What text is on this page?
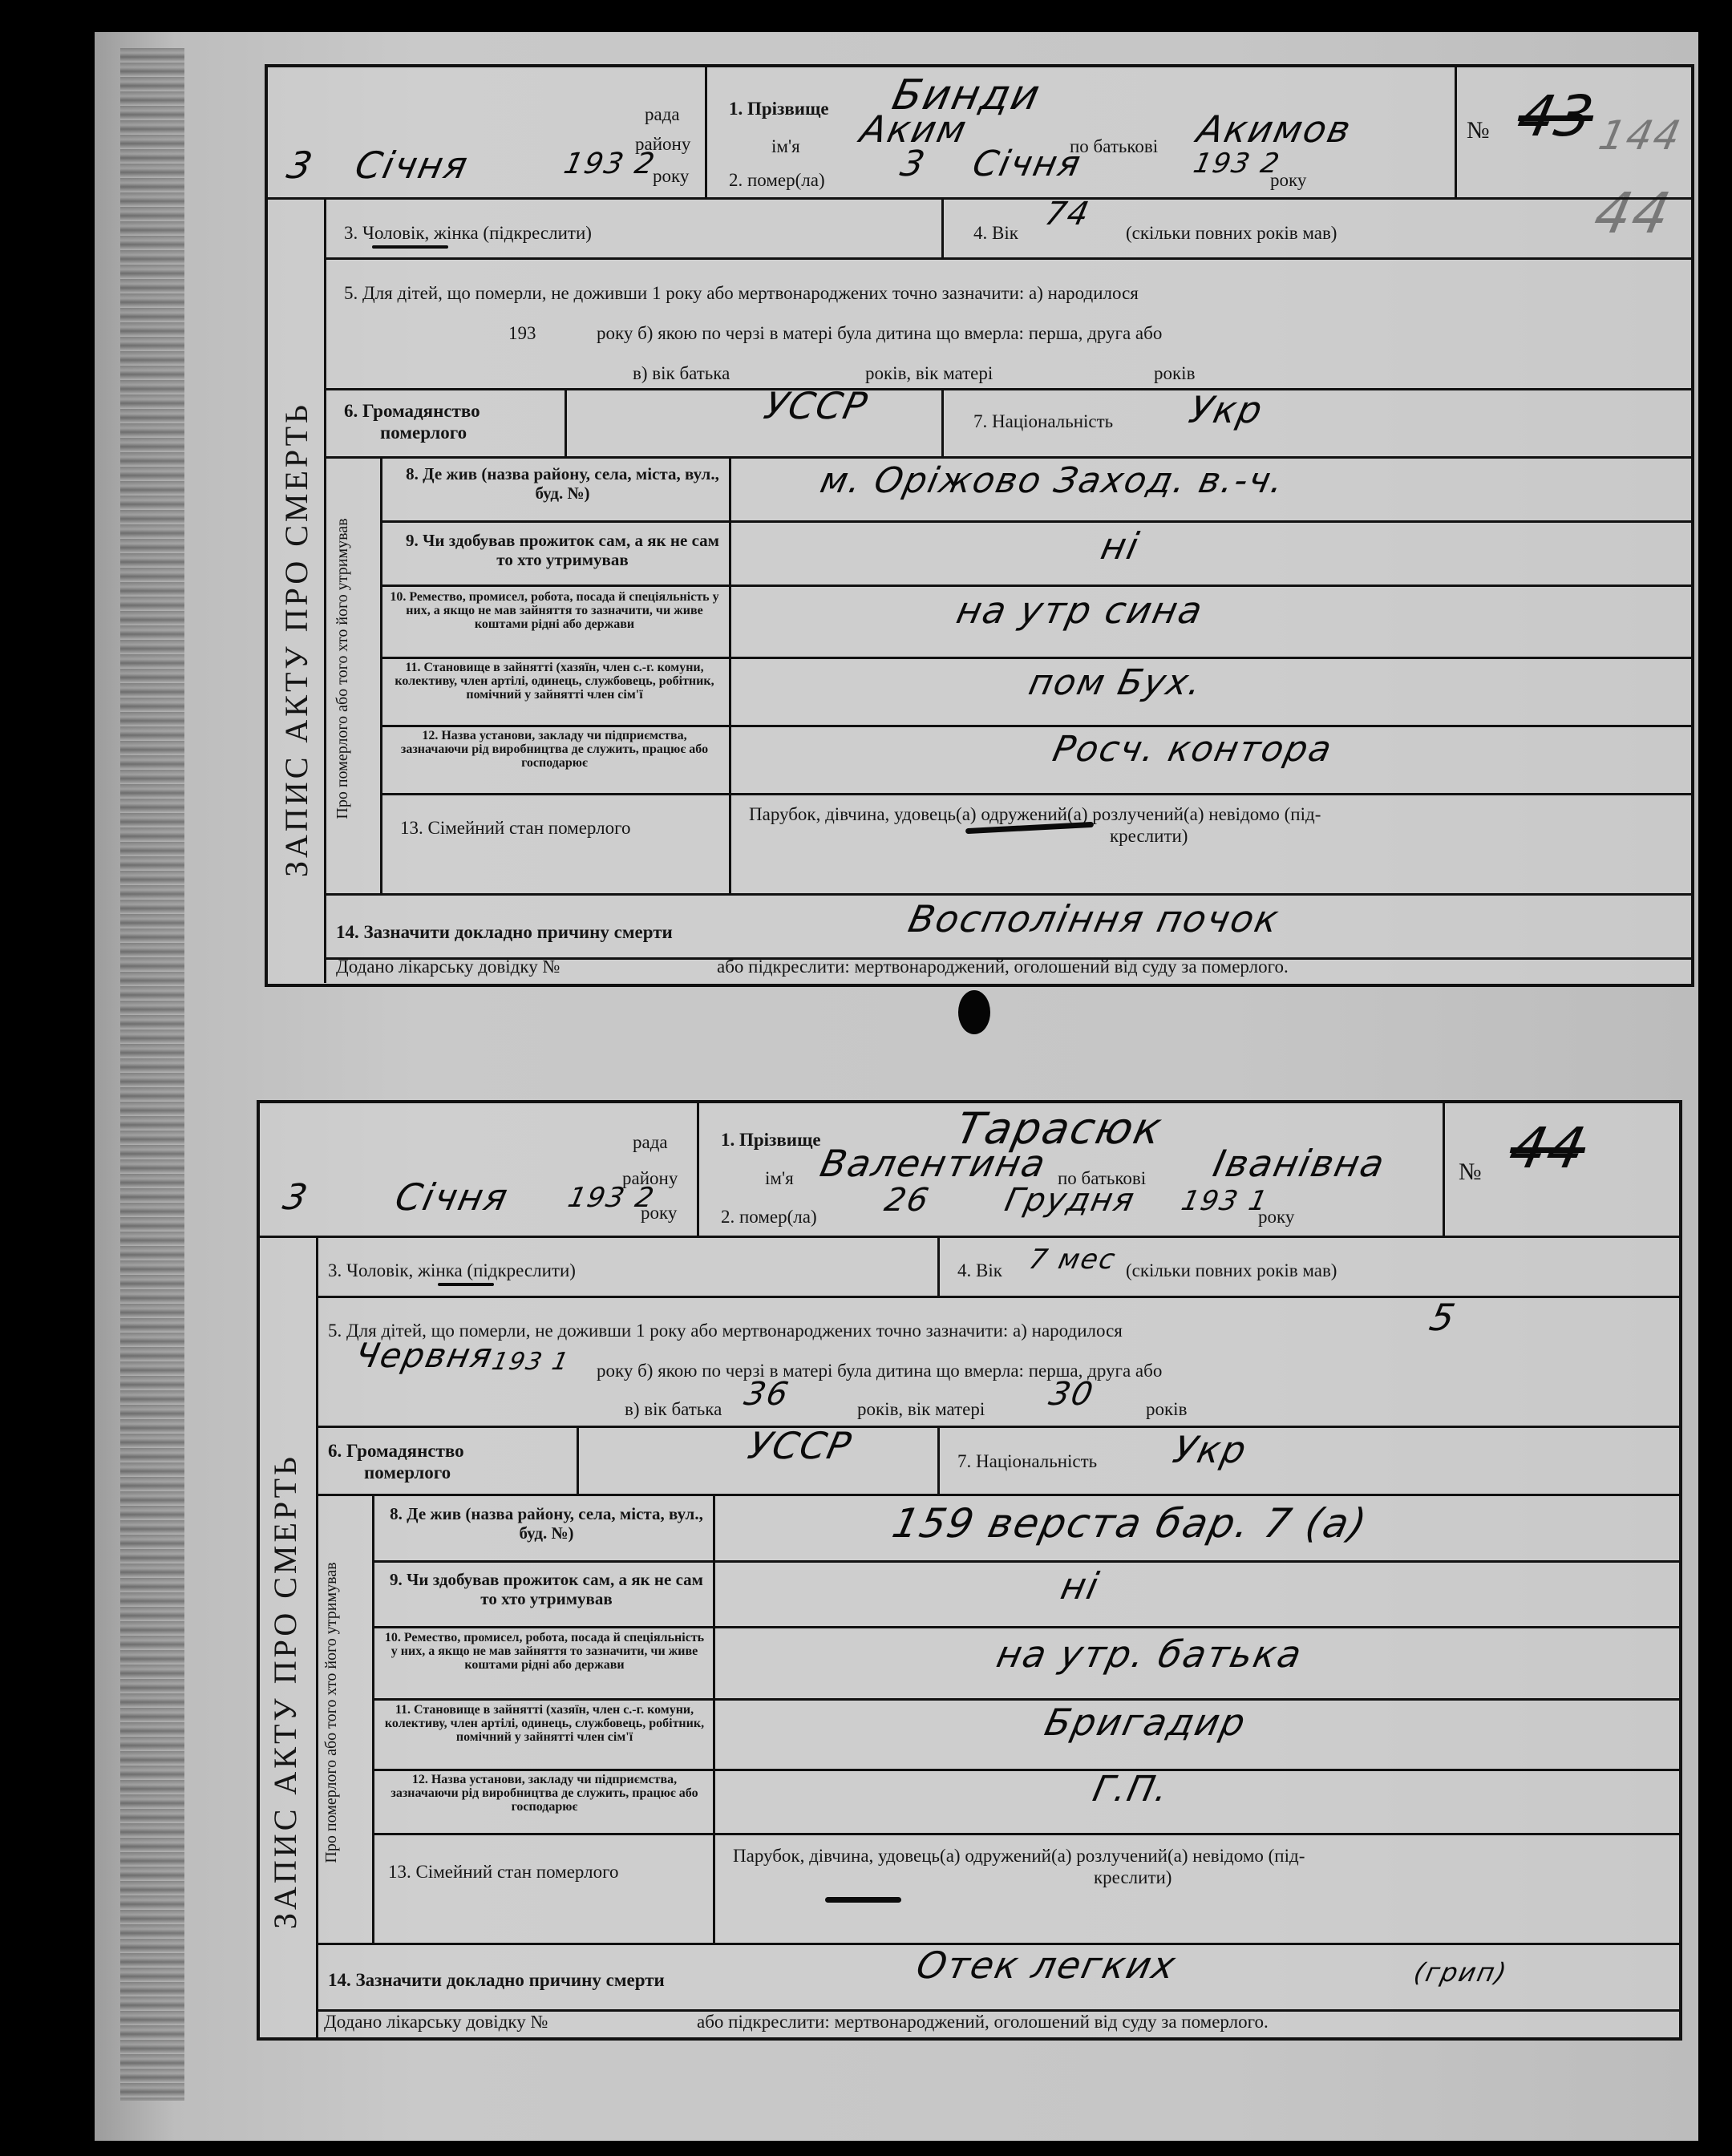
рада
району
3 Січня	193 2
року
1. Прізвище Бинди
ім'я Аким	по батькові Акимов
2. помер(ла) 3 Січня	193 2
року
№ 43
ЗАПИС АКТУ ПРО СМЕРТЬ
3. Чоловік, жінка (підкреслити)	4. Вік
74
(скільки повних років мав)
5. Для дітей, що померли, не доживши 1 року або мертвонароджених точно зазначити: а) народилося
193	року б) якою по черзі в матері була дитина що вмерла: перша, друга або
в) вік батька	років, вік матері	років
6. Громадянство
померлого
УССР	7. Національність Укр
Про померлого або того хто його утримував
8. Де жив (назва району, села, міста, вул., буд. №)	м. Оріжово Заход. в.-ч.
9. Чи здобував прожиток сам, а як не сам то хто утримував	ні
10. Ремество, промисел, робота, посада й спеціяльність у них, а якщо не мав зайняття то зазначити, чи живе коштами рідні або держави	на утр сина
11. Становище в зайнятті (хазяїн, член с.-г. комуни, колективу, член артілі, одинець, службовець, робітник, помічний у зайнятті член сім'ї	пом Бух.
12. Назва установи, закладу чи підприємства, зазначаючи рід виробництва де служить, працює або господарює	Росч. контора
13. Сімейний стан померлого
Парубок, дівчина, удовець(а) одружений(а) розлучений(а) невідомо (під-
креслити)
14. Зазначити докладно причину смерти	Воспоління почок
Додано лікарську довідку №	або підкреслити: мертвонароджений, оголошений від суду за померлого.
рада
району
3 Січня 193 2
року
1. Прізвище	Тарасюк
ім'я Валентина по батькові Іванівна
2. помер(ла) 26 Грудня 193 1
року
№ 44
ЗАПИС АКТУ ПРО СМЕРТЬ
3. Чоловік, жінка (підкреслити)	4. Вік 7 мес (скільки повних років мав)
5. Для дітей, що померли, не доживши 1 року або мертвонароджених точно зазначити: а) народилося	5
Червня
193 1 року б) якою по черзі в матері була дитина що вмерла: перша, друга або
в) вік батька 36	років, вік матері 30	років
6. Громадянство
померлого
УССР	7. Національність Укр
Про померлого або того хто його утримував
8. Де жив (назва району, села, міста, вул., буд. №)	159 верста бар. 7 (а)
9. Чи здобував прожиток сам, а як не сам то хто утримував	ні
10. Ремество, промисел, робота, посада й спеціяльність у них, а якщо не мав зайняття то зазначити, чи живе коштами рідні або держави	на утр. батька
11. Становище в зайнятті (хазяїн, член с.-г. комуни, колективу, член артілі, одинець, службовець, робітник, помічний у зайнятті член сім'ї	Бригадир
12. Назва установи, закладу чи підприємства, зазначаючи рід виробництва де служить, працює або господарює	Г.П.
13. Сімейний стан померлого
Парубок, дівчина, удовець(а) одружений(а) розлучений(а) невідомо (під-
креслити)
14. Зазначити докладно причину смерти	Отек легких	(грип)
Додано лікарську довідку №	або підкреслити: мертвонароджений, оголошений від суду за померлого.
